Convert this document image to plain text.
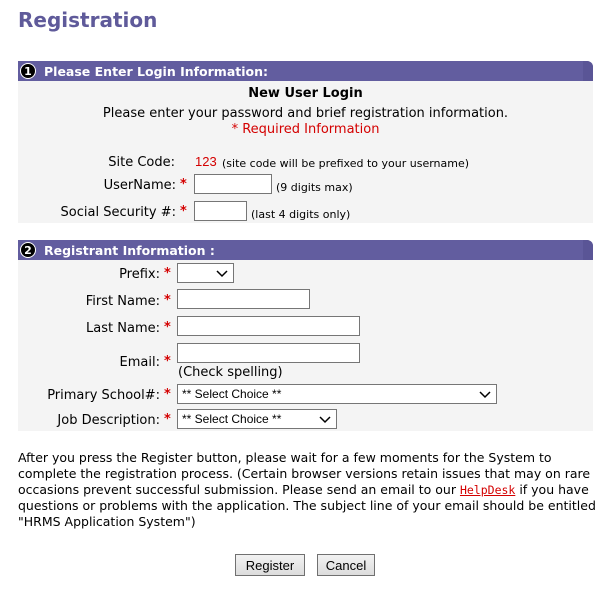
Registration
1 Please Enter Login Information:
New User Login
Please enter your password and brief registration information.
* Required Information
Site Code: 123 (site code will be prefixed to your username)
UserName: *	(9 digits max)
Social Security #: *	(last 4 digits only)
2 Registrant Information :
Prefix: *
First Name: *
Last Name: *
Email: *
(Check spelling)
Primary School#: * ** Select Choice **
Job Description: * ** Select Choice **
After you press the Register button, please wait for a few moments for the System to complete the registration process. (Certain browser versions retain issues that may on rare occasions prevent successful submission. Please send an email to our HelpDesk if you have questions or problems with the application. The subject line of your email should be entitled "HRMS Application System")
Register	Cancel
